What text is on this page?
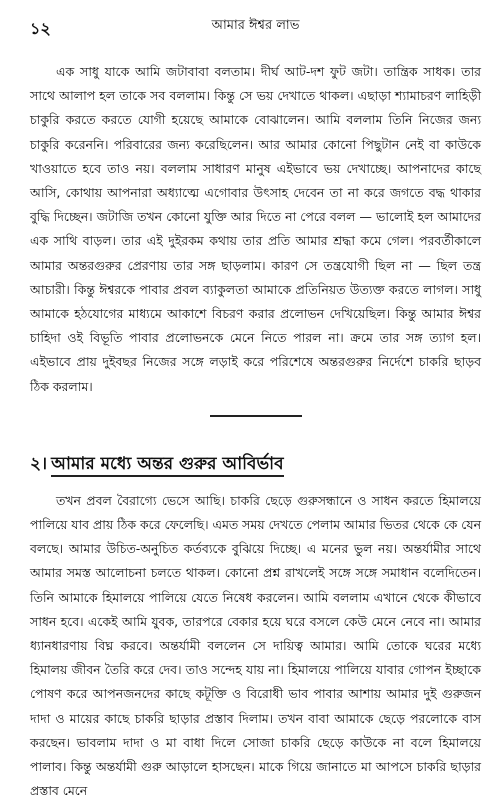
১২	আমার ঈশ্বর লাভ

এক সাধু যাকে আমি জটাবাবা বলতাম। দীর্ঘ আট-দশ ফুট জটা। তান্ত্রিক সাধক। তার সাথে আলাপ হল তাকে সব বললাম। কিন্তু সে ভয় দেখাতে থাকল। এছাড়া শ্যামাচরণ লাহিড়ী চাকুরি করতে করতে যোগী হয়েছে আমাকে বোঝালেন। আমি বললাম তিনি নিজের জন্য চাকুরি করেননি। পরিবারের জন্য করেছিলেন। আর আমার কোনো পিছুটান নেই বা কাউকে খাওয়াতে হবে তাও নয়। বললাম সাধারণ মানুষ এইভাবে ভয় দেখাচ্ছে। আপনাদের কাছে আসি, কোথায় আপনারা অধ্যাত্মে এগোবার উৎসাহ দেবেন তা না করে জগতে বদ্ধ থাকার বুদ্ধি দিচ্ছেন। জটাজি তখন কোনো যুক্তি আর দিতে না পেরে বলল — ভালোই হল আমাদের এক সাথি বাড়ল। তার এই দুইরকম কথায় তার প্রতি আমার শ্রদ্ধা কমে গেল। পরবর্তীকালে আমার অন্তরগুরুর প্রেরণায় তার সঙ্গ ছাড়লাম। কারণ সে তন্ত্রযোগী ছিল না — ছিল তন্ত্র আচারী। কিন্তু ঈশ্বরকে পাবার প্রবল ব্যাকুলতা আমাকে প্রতিনিয়ত উত্যক্ত করতে লাগল। সাধু আমাকে হঠযোগের মাধ্যমে আকাশে বিচরণ করার প্রলোভন দেখিয়েছিল। কিন্তু আমার ঈশ্বর চাহিদা ওই বিভূতি পাবার প্রলোভনকে মেনে নিতে পারল না। ক্রমে তার সঙ্গ ত্যাগ হল। এইভাবে প্রায় দুইবছর নিজের সঙ্গে লড়াই করে পরিশেষে অন্তরগুরুর নির্দেশে চাকরি ছাড়ব ঠিক করলাম।

২। আমার মধ্যে অন্তর গুরুর আবির্ভাব

তখন প্রবল বৈরাগ্যে ভেসে আছি। চাকরি ছেড়ে গুরুসন্ধানে ও সাধন করতে হিমালয়ে পালিয়ে যাব প্রায় ঠিক করে ফেলেছি। এমত সময় দেখতে পেলাম আমার ভিতর থেকে কে যেন বলছে। আমার উচিত-অনুচিত কর্তব্যকে বুঝিয়ে দিচ্ছে। এ মনের ভুল নয়। অন্তর্যামীর সাথে আমার সমস্ত আলোচনা চলতে থাকল। কোনো প্রশ্ন রাখলেই সঙ্গে সঙ্গে সমাধান বলেদিতেন। তিনি আমাকে হিমালয়ে পালিয়ে যেতে নিষেধ করলেন। আমি বললাম এখানে থেকে কীভাবে সাধন হবে। একেই আমি যুবক, তারপরে বেকার হয়ে ঘরে বসলে কেউ মেনে নেবে না। আমার ধ্যানধারণায় বিঘ্ন করবে। অন্তর্যামী বললেন সে দায়িত্ব আমার। আমি তোকে ঘরের মধ্যে হিমালয় জীবন তৈরি করে দেব। তাও সন্দেহ যায় না। হিমালয়ে পালিয়ে যাবার গোপন ইচ্ছাকে পোষণ করে আপনজনদের কাছে কটূক্তি ও বিরোধী ভাব পাবার আশায় আমার দুই গুরুজন দাদা ও মায়ের কাছে চাকরি ছাড়ার প্রস্তাব দিলাম। তখন বাবা আমাকে ছেড়ে পরলোকে বাস করছেন। ভাবলাম দাদা ও মা বাধা দিলে সোজা চাকরি ছেড়ে কাউকে না বলে হিমালয়ে পালাব। কিন্তু অন্তর্যামী গুরু আড়ালে হাসছেন। মাকে গিয়ে জানাতে মা আপসে চাকরি ছাড়ার প্রস্তাব মেনে
